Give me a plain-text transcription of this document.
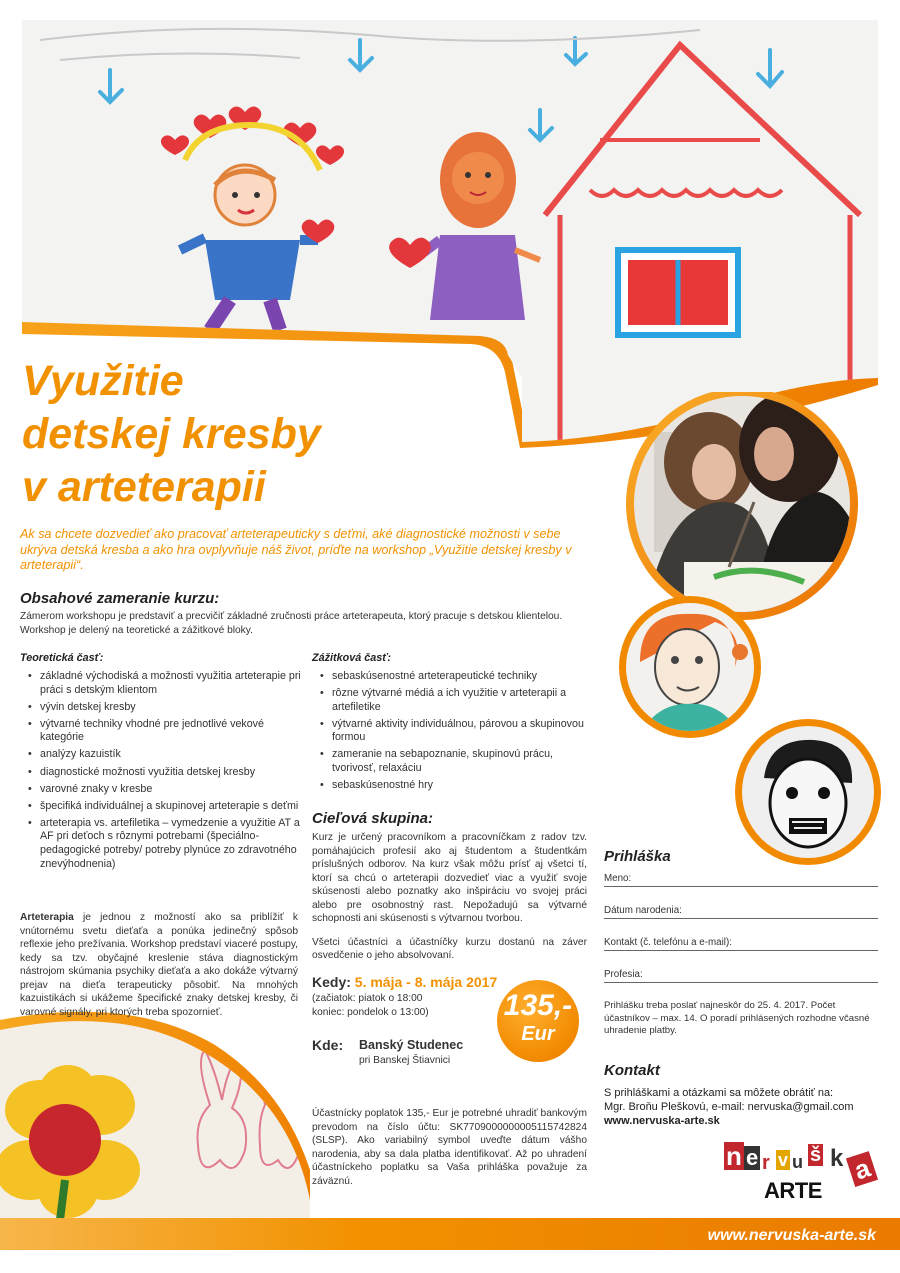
Využitie
detskej kresby
v arteterapii

Ak sa chcete dozvedieť ako pracovať arteterapeuticky s deťmi, aké diagnostické možnosti v sebe ukrýva detská kresba a ako hra ovplyvňuje náš život, príďte na workshop „Využitie detskej kresby v arteterapii“.

Obsahové zameranie kurzu:

Zámerom workshopu je predstaviť a precvičiť základné zručnosti práce arteterapeuta, ktorý pracuje s detskou klientelou. Workshop je delený na teoretické a zážitkové bloky.

Teoretická časť:
• základné východiská a možnosti využitia arteterapie pri práci s detským klientom
• vývin detskej kresby
• výtvarné techniky vhodné pre jednotlivé vekové kategórie
• analýzy kazuistík
• diagnostické možnosti využitia detskej kresby
• varovné znaky v kresbe
• špecifiká individuálnej a skupinovej arteterapie s deťmi
• arteterapia vs. artefiletika – vymedzenie a využitie AT a AF pri deťoch s rôznymi potrebami (špeciálno-pedagogické potreby/ potreby plynúce zo zdravotného znevýhodnenia)

Arteterapia je jednou z možností ako sa priblížiť k vnútornému svetu dieťaťa a ponúka jedinečný spôsob reflexie jeho prežívania. Workshop predstaví viaceré postupy, kedy sa tzv. obyčajné kreslenie stáva diagnostickým nástrojom skúmania psychiky dieťaťa a ako dokáže výtvarný prejav na dieťa terapeuticky pôsobiť. Na mnohých kazuistikách si ukážeme špecifické znaky detskej kresby, či varovné signály, pri ktorých treba spozornieť.

Zážitková časť:
• sebaskúsenostné arteterapeutické techniky
• rôzne výtvarné médiá a ich využitie v arteterapii a artefiletike
• výtvarné aktivity individuálnou, párovou a skupinovou formou
• zameranie na sebapoznanie, skupinovú prácu, tvorivosť, relaxáciu
• sebaskúsenostné hry
Cieľová skupina:

Kurz je určený pracovníkom a pracovníčkam z radov tzv. pomáhajúcich profesií ako aj študentom a študentkám príslušných odborov. Na kurz však môžu prísť aj všetci tí, ktorí sa chcú o arteterapii dozvedieť viac a využiť svoje skúsenosti alebo poznatky ako inšpiráciu vo svojej práci alebo pre osobnostný rast. Nepožadujú sa výtvarné schopnosti ani skúsenosti s výtvarnou tvorbou.

Všetci účastníci a účastníčky kurzu dostanú na záver osvedčenie o jeho absolvovaní.

Kedy: 5. mája - 8. mája 2017

(začiatok: piatok o 18:00

koniec: pondelok o 13:00)	135,-
Eur
Kde: Banský Studenec
pri Banskej Štiavnici

Účastnícky poplatok 135,- Eur je potrebné uhradiť bankovým prevodom na číslo účtu: SK7709000000005115742824 (SLSP). Ako variabilný symbol uveďte dátum vášho narodenia, aby sa dala platba identifikovať. Až po uhradení účastníckeho poplatku sa Vaša prihláška považuje za záväznú.

Prihláška
Meno:
Dátum narodenia:
Kontakt (č. telefónu a e-mail):
Profesia:

Prihlášku treba poslať najneskôr do 25. 4. 2017. Počet účastníkov – max. 14. O poradí prihlásených rozhodne včasné uhradenie platby.

Kontakt
S prihláškami a otázkami sa môžete obrátiť na:
Mgr. Broňu Pleškovú, e-mail: nervuska@gmail.com
www.nervuska-arte.sk
n e r v u š k a
ARTE
www.nervuska-arte.sk
